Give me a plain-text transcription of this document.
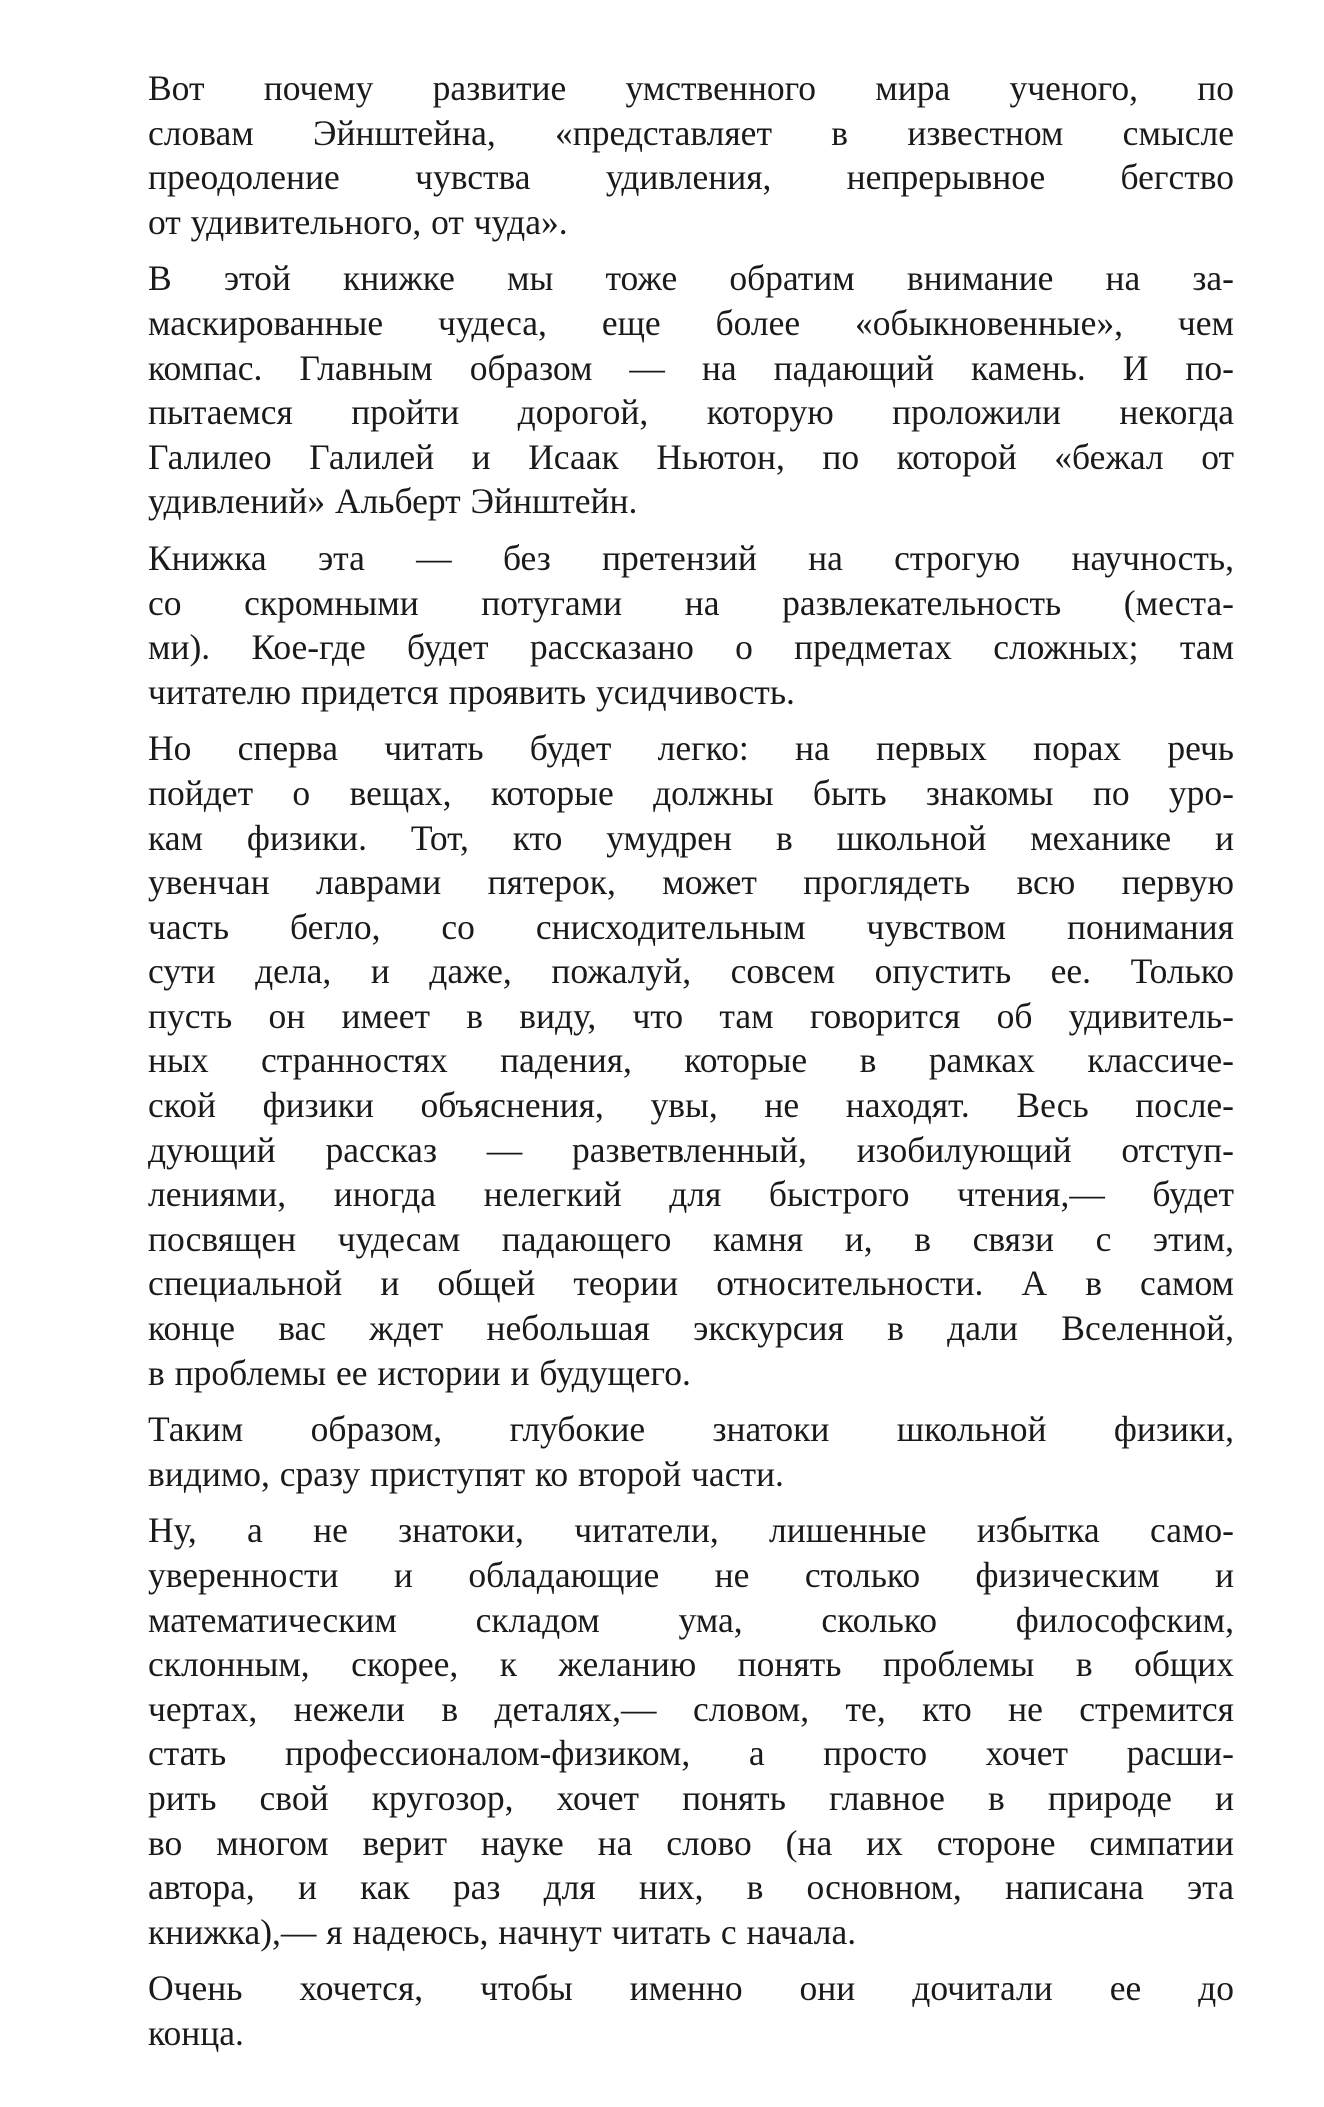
Вот почему развитие умственного мира ученого, по
словам Эйнштейна, «представляет в известном смысле
преодоление чувства удивления, непрерывное бегство
от удивительного, от чуда».
В этой книжке мы тоже обратим внимание на за-
маскированные чудеса, еще более «обыкновенные», чем
компас. Главным образом — на падающий камень. И по-
пытаемся пройти дорогой, которую проложили некогда
Галилео Галилей и Исаак Ньютон, по которой «бежал от
удивлений» Альберт Эйнштейн.
Книжка эта — без претензий на строгую научность,
со скромными потугами на развлекательность (места-
ми). Кое-где будет рассказано о предметах сложных; там
читателю придется проявить усидчивость.
Но сперва читать будет легко: на первых порах речь
пойдет о вещах, которые должны быть знакомы по уро-
кам физики. Тот, кто умудрен в школьной механике и
увенчан лаврами пятерок, может проглядеть всю первую
часть бегло, со снисходительным чувством понимания
сути дела, и даже, пожалуй, совсем опустить ее. Только
пусть он имеет в виду, что там говорится об удивитель-
ных странностях падения, которые в рамках классиче-
ской физики объяснения, увы, не находят. Весь после-
дующий рассказ — разветвленный, изобилующий отступ-
лениями, иногда нелегкий для быстрого чтения,— будет
посвящен чудесам падающего камня и, в связи с этим,
специальной и общей теории относительности. А в самом
конце вас ждет небольшая экскурсия в дали Вселенной,
в проблемы ее истории и будущего.
Таким образом, глубокие знатоки школьной физики,
видимо, сразу приступят ко второй части.
Ну, а не знатоки, читатели, лишенные избытка само-
уверенности и обладающие не столько физическим и
математическим складом ума, сколько философским,
склонным, скорее, к желанию понять проблемы в общих
чертах, нежели в деталях,— словом, те, кто не стремится
стать профессионалом-физиком, а просто хочет расши-
рить свой кругозор, хочет понять главное в природе и
во многом верит науке на слово (на их стороне симпатии
автора, и как раз для них, в основном, написана эта
книжка),— я надеюсь, начнут читать с начала.
Очень хочется, чтобы именно они дочитали ее до
конца.
